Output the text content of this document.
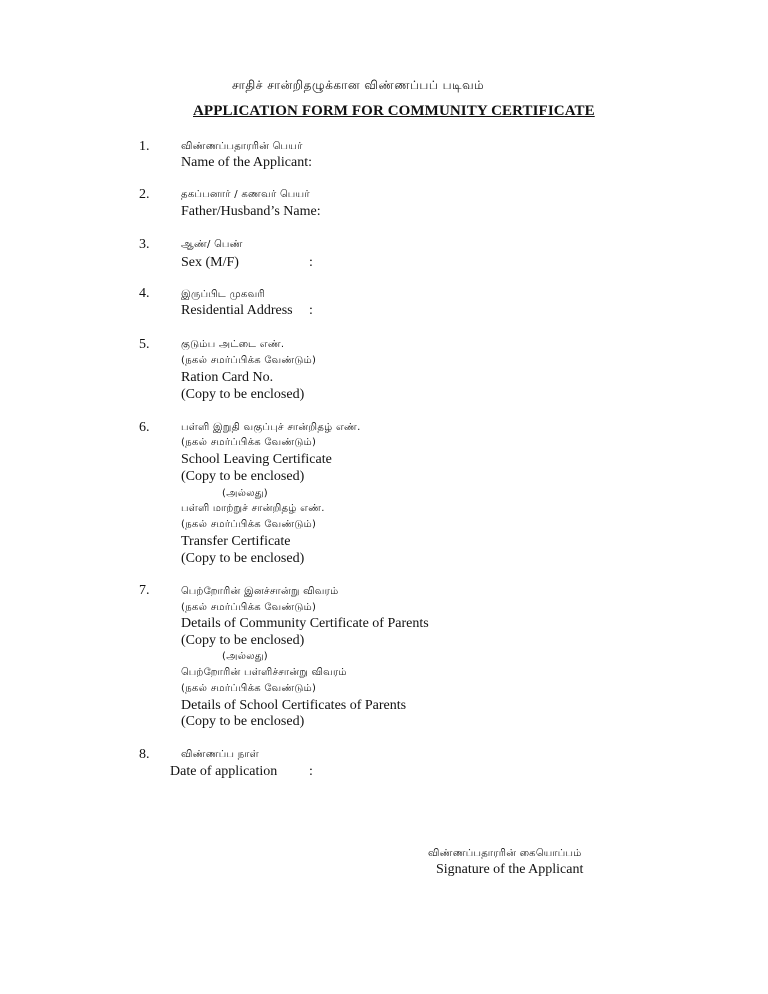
சாதிச் சான்றிதழுக்கான விண்ணப்பப் படிவம்
APPLICATION FORM FOR COMMUNITY CERTIFICATE
1.	விண்ணப்பதாரரின் பெயர்
Name of the Applicant:
2.	தகப்பனார் / கணவர் பெயர்
Father/Husband’s Name:
3.	ஆண்/ பெண்
Sex (M/F)	:
4.	இருப்பிட முகவரி
Residential Address :
5.	குடும்ப அட்டை எண்.
(நகல் சமர்ப்பிக்க வேண்டும்)
Ration Card No.
(Copy to be enclosed)
6.	பள்ளி இறுதி வகுப்புச் சான்றிதழ் எண்.
(நகல் சமர்ப்பிக்க வேண்டும்)
School Leaving Certificate
(Copy to be enclosed)
(அல்லது)
பள்ளி மாற்றுச் சான்றிதழ் எண்.
(நகல் சமர்ப்பிக்க வேண்டும்)
Transfer Certificate
(Copy to be enclosed)
7.	பெற்றோரின் இனச்சான்று விவரம்
(நகல் சமர்ப்பிக்க வேண்டும்)
Details of Community Certificate of Parents
(Copy to be enclosed)
(அல்லது)
பெற்றோரின் பள்ளிச்சான்று விவரம்
(நகல் சமர்ப்பிக்க வேண்டும்)
Details of School Certificates of Parents
(Copy to be enclosed)
8.	விண்ணப்ப நாள்
Date of application :
விண்ணப்பதாரரின் கையொப்பம்
Signature of the Applicant
